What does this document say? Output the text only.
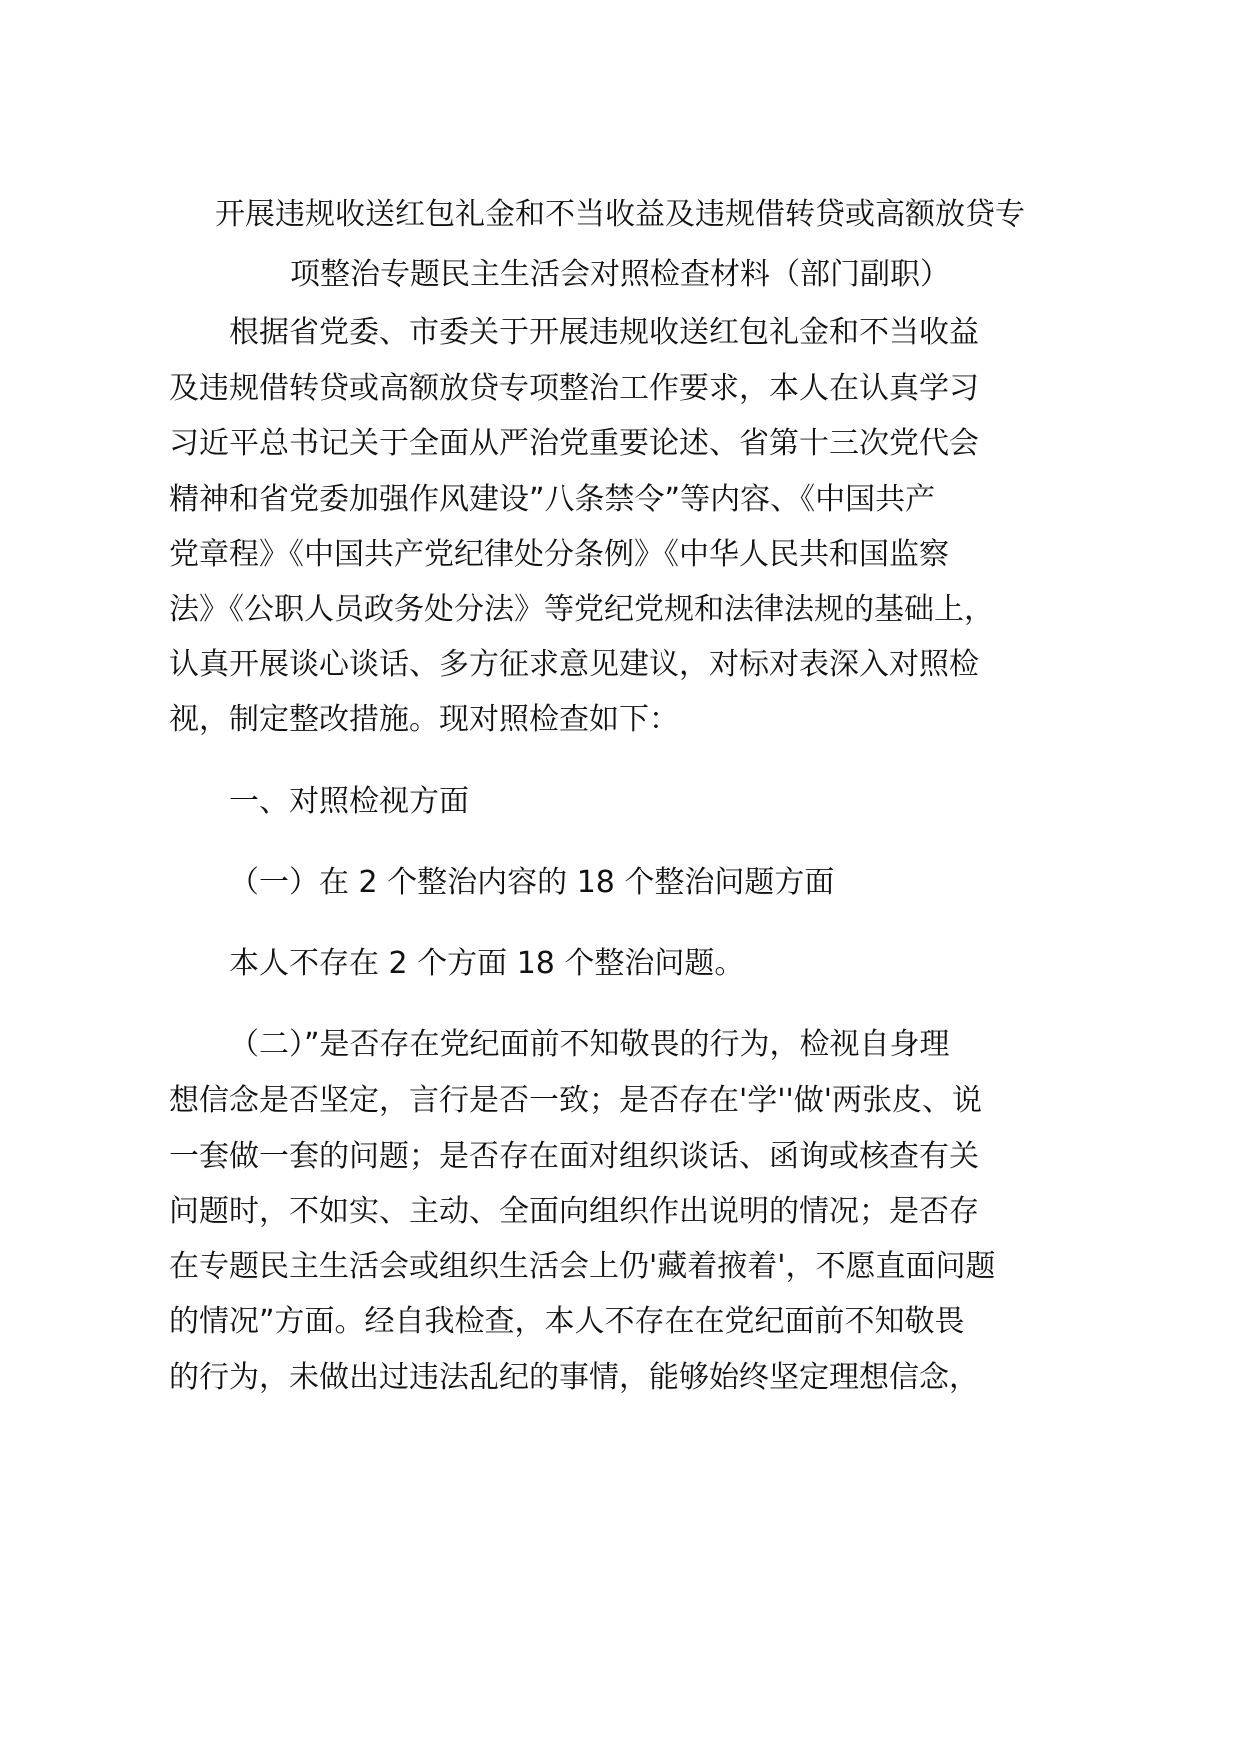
开展违规收送红包礼金和不当收益及违规借转贷或高额放贷专
项整治专题民主生活会对照检查材料（部门副职）
根据省党委、市委关于开展违规收送红包礼金和不当收益
及违规借转贷或高额放贷专项整治工作要求，本人在认真学习
习近平总书记关于全面从严治党重要论述、省第十三次党代会
精神和省党委加强作风建设”八条禁令”等内容、《中国共产
党章程》《中国共产党纪律处分条例》《中华人民共和国监察
法》《公职人员政务处分法》等党纪党规和法律法规的基础上，
认真开展谈心谈话、多方征求意见建议，对标对表深入对照检
视，制定整改措施。现对照检查如下：
一、对照检视方面
（一）在 2 个整治内容的 18 个整治问题方面
本人不存在 2 个方面 18 个整治问题。
（二）”是否存在党纪面前不知敬畏的行为，检视自身理
想信念是否坚定，言行是否一致；是否存在'学''做'两张皮、说
一套做一套的问题；是否存在面对组织谈话、函询或核查有关
问题时，不如实、主动、全面向组织作出说明的情况；是否存
在专题民主生活会或组织生活会上仍'藏着掖着'，不愿直面问题
的情况”方面。经自我检查，本人不存在在党纪面前不知敬畏
的行为，未做出过违法乱纪的事情，能够始终坚定理想信念，
